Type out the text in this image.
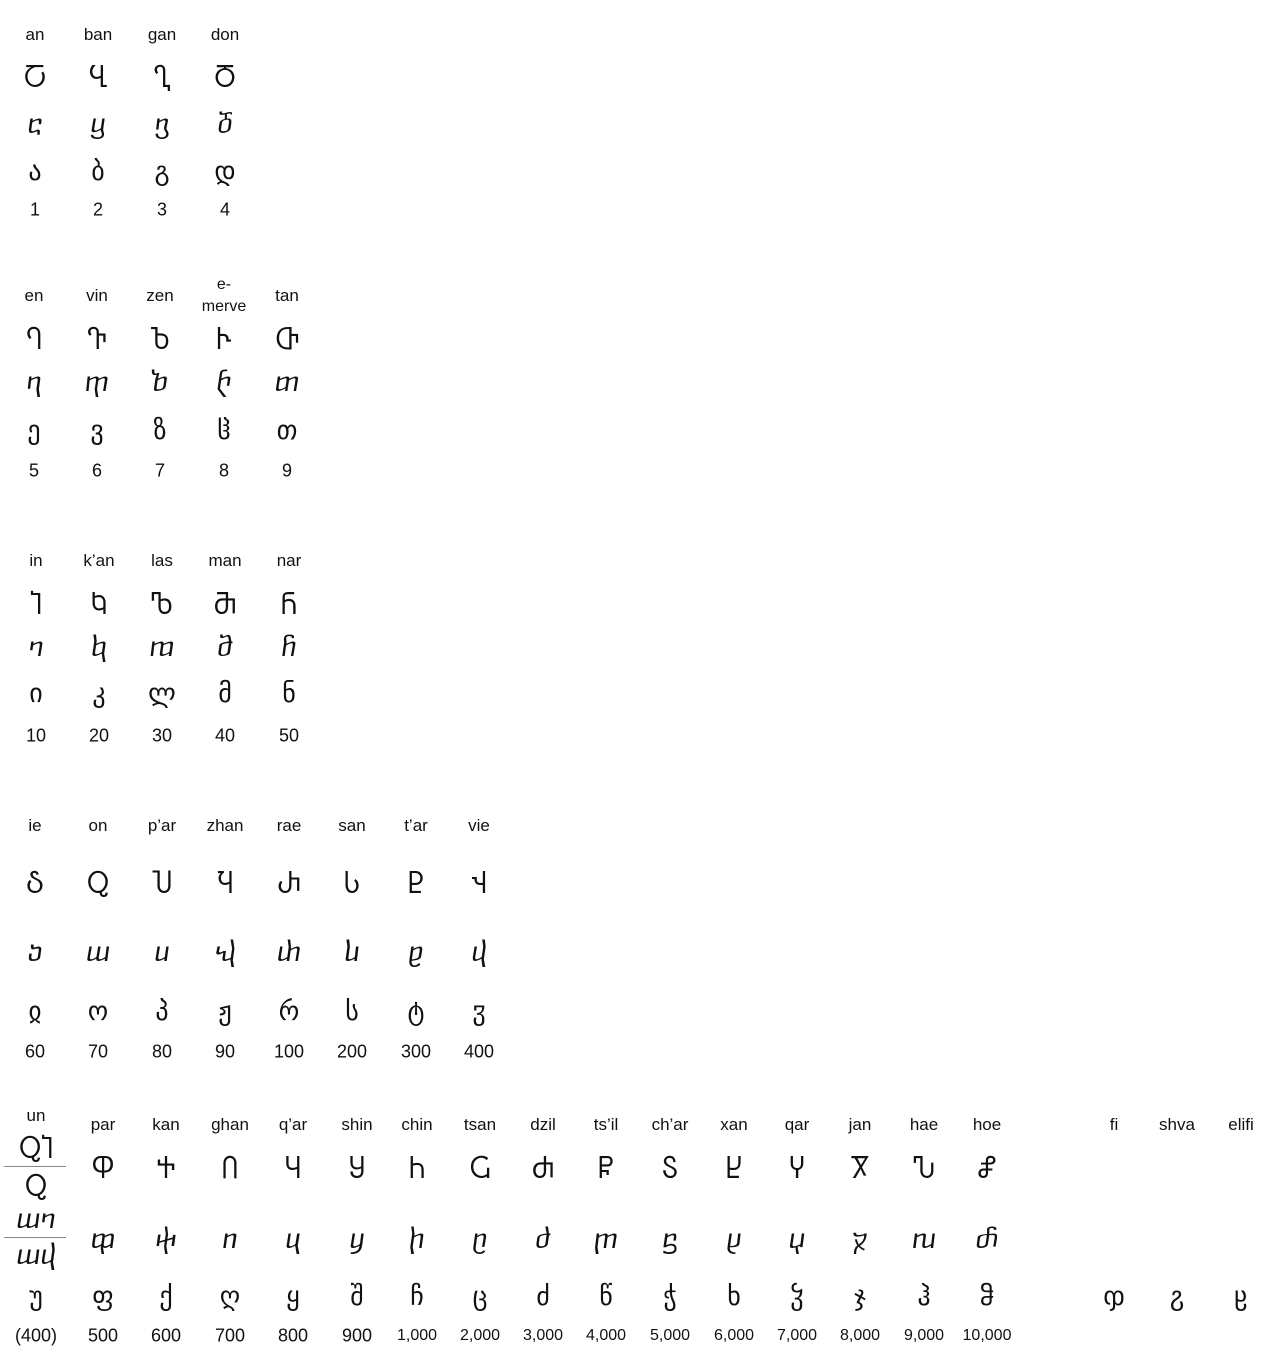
un
ႭႨ
Ⴍ
ⴍⴈ
ⴍⴣ
უ
(400)
an
Ⴀ
ⴀ
ა
1
ban
Ⴁ
ⴁ
ბ
2
gan
Ⴂ
ⴂ
გ
3
don
Ⴃ
ⴃ
დ
4
en
Ⴄ
ⴄ
ე
5
vin
Ⴅ
ⴅ
ვ
6
zen
Ⴆ
ⴆ
ზ
7
e-
merve
Ⴡ
ⴡ
ჱ
8
tan
Ⴇ
ⴇ
თ
9
in
Ⴈ
ⴈ
ი
10
k’an
Ⴉ
ⴉ
კ
20
las
Ⴊ
ⴊ
ლ
30
man
Ⴋ
ⴋ
მ
40
nar
Ⴌ
ⴌ
ნ
50
ie
Ⴢ
ⴢ
ჲ
60
on
Ⴍ
ⴍ
ო
70
p’ar
Ⴎ
ⴎ
პ
80
zhan
Ⴏ
ⴏ
ჟ
90
rae
Ⴐ
ⴐ
რ
100
san
Ⴑ
ⴑ
ს
200
t’ar
Ⴒ
ⴒ
ტ
300
vie
Ⴣ
ⴣ
ჳ
400
par
Ⴔ
ⴔ
ფ
500
kan
Ⴕ
ⴕ
ქ
600
ghan
Ⴖ
ⴖ
ღ
700
q’ar
Ⴗ
ⴗ
ყ
800
shin
Ⴘ
ⴘ
შ
900
chin
Ⴙ
ⴙ
ჩ
1,000
tsan
Ⴚ
ⴚ
ც
2,000
dzil
Ⴛ
ⴛ
ძ
3,000
ts’il
Ⴜ
ⴜ
წ
4,000
ch’ar
Ⴝ
ⴝ
ჭ
5,000
xan
Ⴞ
ⴞ
ხ
6,000
qar
Ⴤ
ⴤ
ჴ
7,000
jan
Ⴟ
ⴟ
ჯ
8,000
hae
Ⴠ
ⴠ
ჰ
9,000
hoe
Ⴥ
ⴥ
ჵ
10,000
fi
ჶ
shva
ჷ
elifi
ჸ
